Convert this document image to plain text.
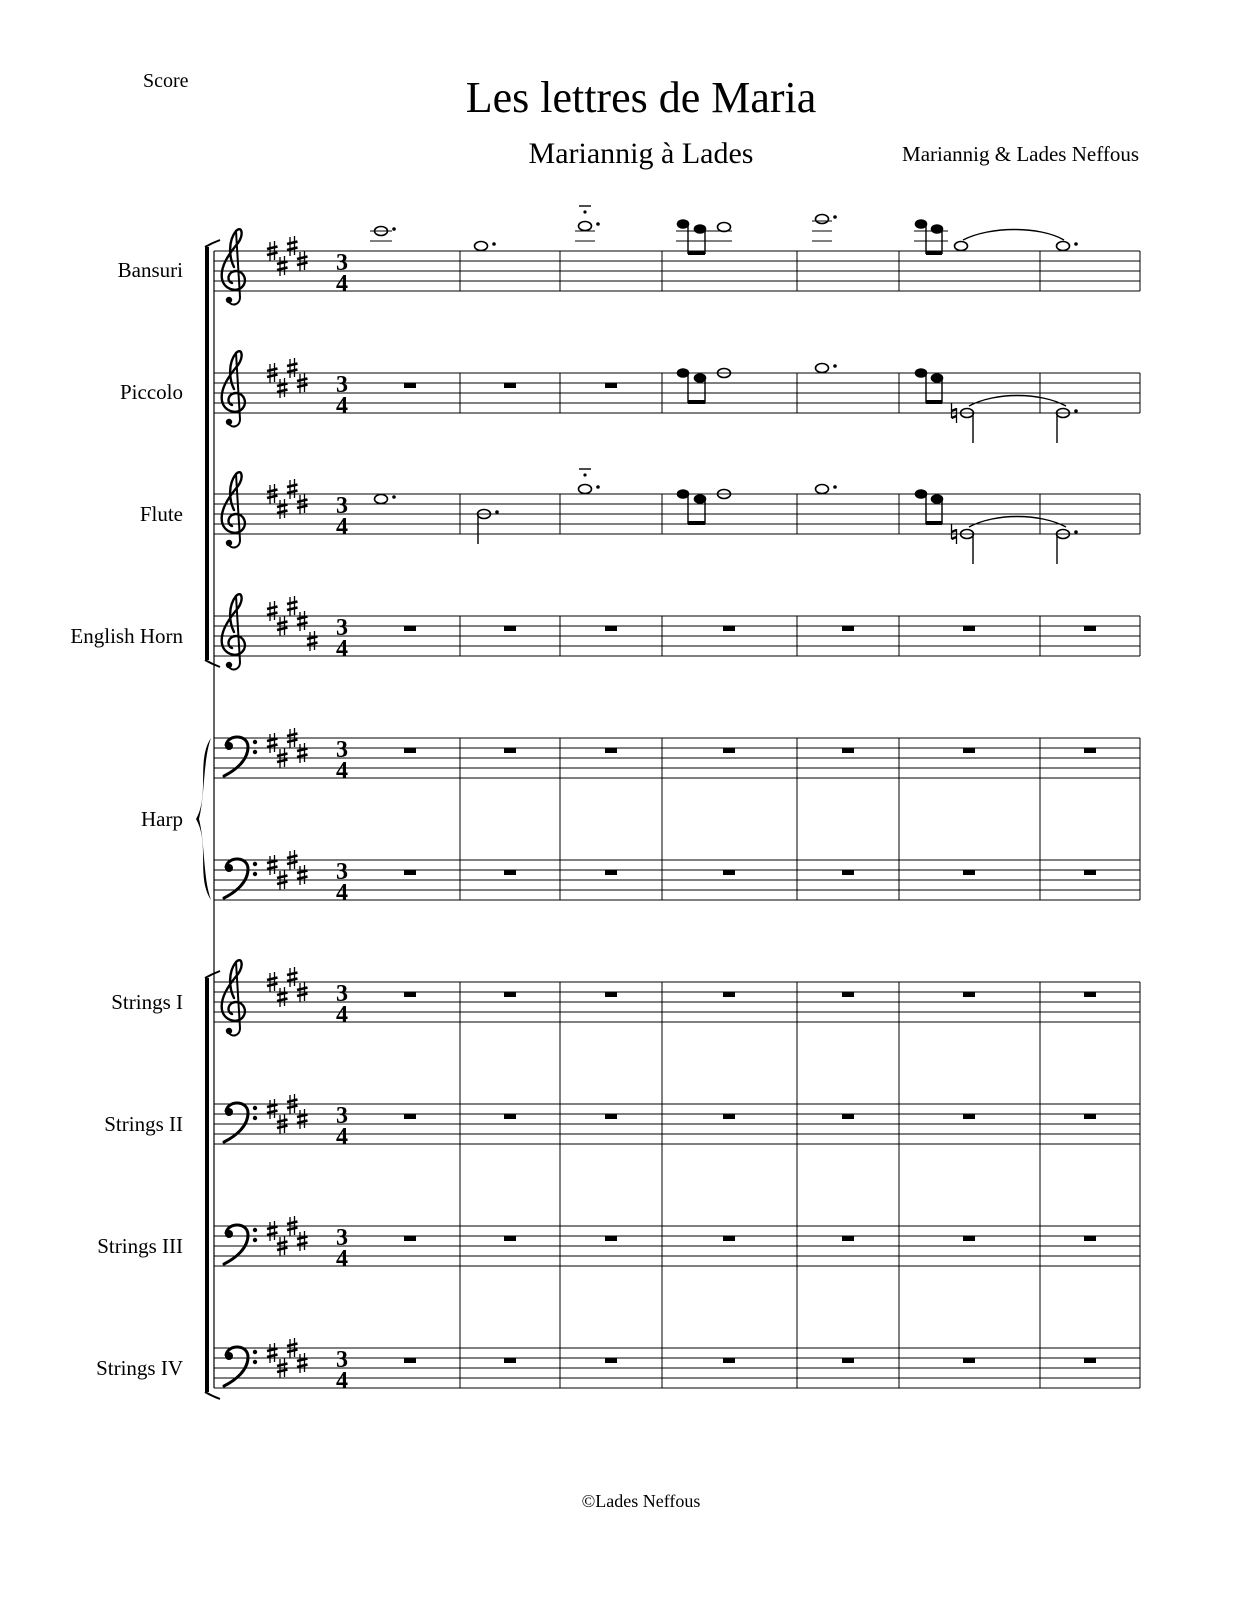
Score	Les lettres de Maria
Mariannig à Lades	Mariannig & Lades Neffous
©Lades Neffous
3
4
3
4
3
4
3
4
3
4
3
4
3
4
3
4
3
4
3
4
Bansuri
Piccolo
Flute
English Horn
Harp
Strings I
Strings II
Strings III
Strings IV
